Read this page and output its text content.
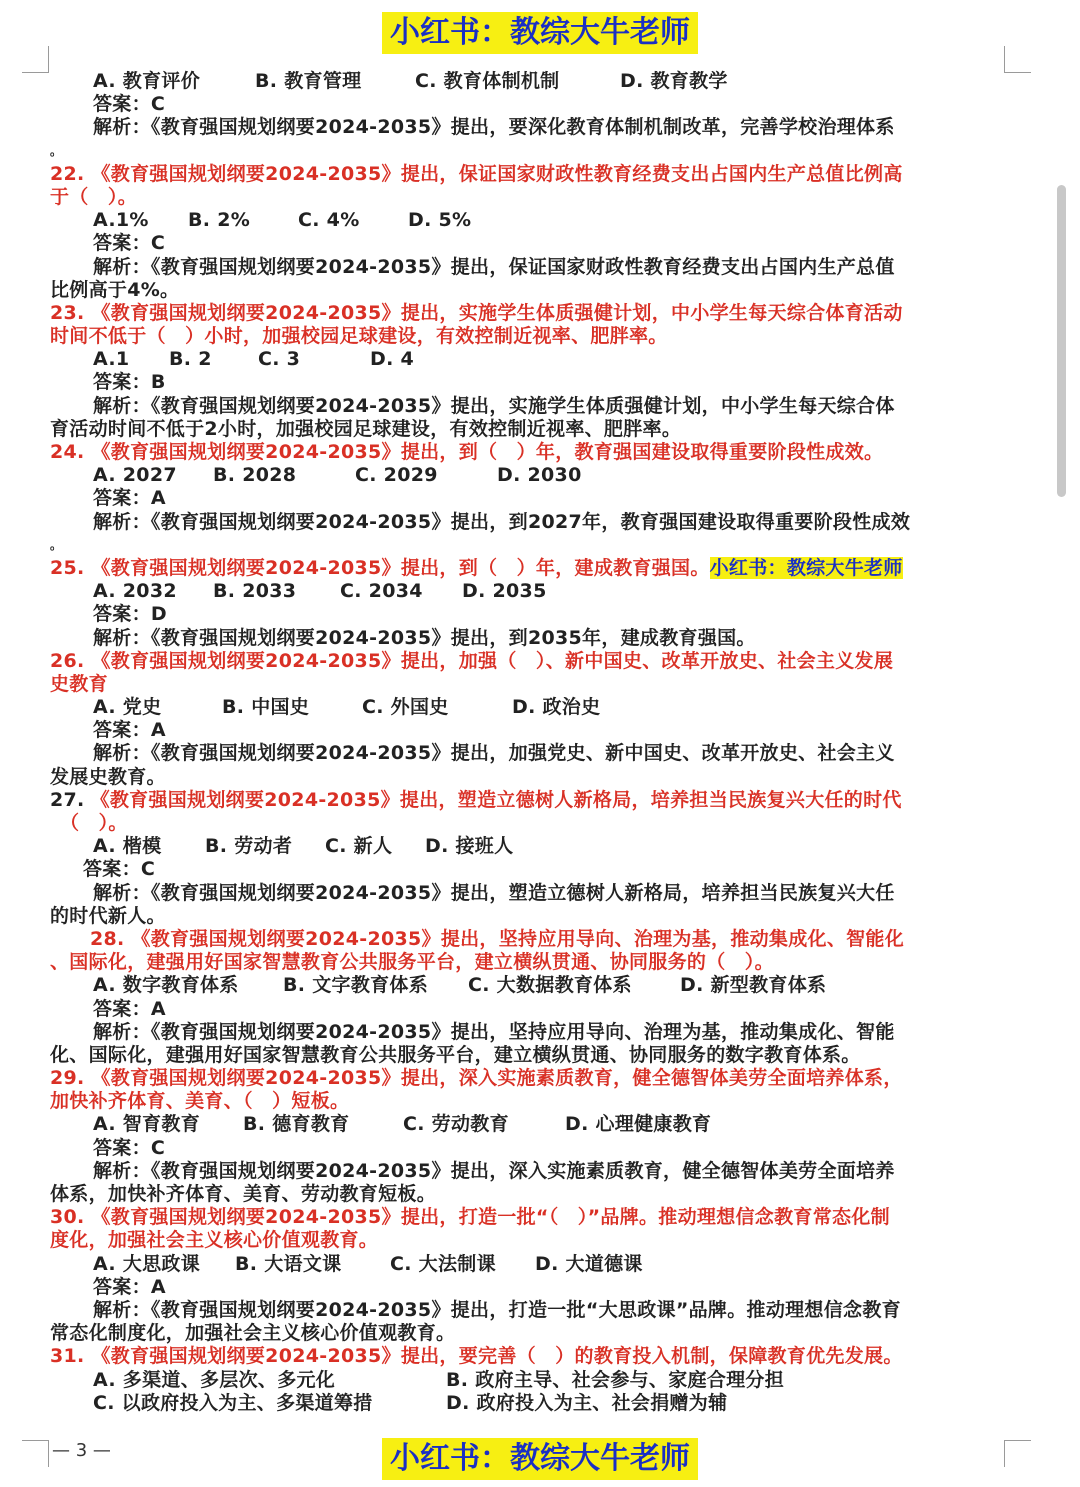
小红书：教综大牛老师
A. 教育评价	B. 教育管理	C. 教育体制机制	D. 教育教学
答案：C
解析：《教育强国规划纲要2024-2035》提出，要深化教育体制机制改革，完善学校治理体系
。
22. 《教育强国规划纲要2024-2035》提出，保证国家财政性教育经费支出占国内生产总值比例高
于（　）。
A.1% B. 2%	C. 4%	D. 5%
答案：C
解析：《教育强国规划纲要2024-2035》提出，保证国家财政性教育经费支出占国内生产总值
比例高于4%。
23. 《教育强国规划纲要2024-2035》提出，实施学生体质强健计划，中小学生每天综合体育活动
时间不低于（　）小时，加强校园足球建设，有效控制近视率、肥胖率。
A.1 B. 2 C. 3	D. 4
答案：B
解析：《教育强国规划纲要2024-2035》提出，实施学生体质强健计划，中小学生每天综合体
育活动时间不低于2小时，加强校园足球建设，有效控制近视率、肥胖率。
24. 《教育强国规划纲要2024-2035》提出，到（　）年，教育强国建设取得重要阶段性成效。
A. 2027 B. 2028	C. 2029	D. 2030
答案：A
解析：《教育强国规划纲要2024-2035》提出，到2027年，教育强国建设取得重要阶段性成效
。
25. 《教育强国规划纲要2024-2035》提出，到（　）年，建成教育强国。小红书：教综大牛老师
A. 2032 B. 2033 C. 2034 D. 2035
答案：D
解析：《教育强国规划纲要2024-2035》提出，到2035年，建成教育强国。
26. 《教育强国规划纲要2024-2035》提出，加强（　）、新中国史、改革开放史、社会主义发展
史教育
A. 党史	B. 中国史	C. 外国史	D. 政治史
答案：A
解析：《教育强国规划纲要2024-2035》提出，加强党史、新中国史、改革开放史、社会主义
发展史教育。
27. 《教育强国规划纲要2024-2035》提出，塑造立德树人新格局，培养担当民族复兴大任的时代
（　）。
A. 楷模 B. 劳动者 C. 新人 D. 接班人
答案：C
解析：《教育强国规划纲要2024-2035》提出，塑造立德树人新格局，培养担当民族复兴大任
的时代新人。
28. 《教育强国规划纲要2024-2035》提出，坚持应用导向、治理为基，推动集成化、智能化
、国际化，建强用好国家智慧教育公共服务平台，建立横纵贯通、协同服务的（　）。
A. 数字教育体系 B. 文字教育体系 C. 大数据教育体系	D. 新型教育体系
答案：A
解析：《教育强国规划纲要2024-2035》提出，坚持应用导向、治理为基，推动集成化、智能
化、国际化，建强用好国家智慧教育公共服务平台，建立横纵贯通、协同服务的数字教育体系。
29. 《教育强国规划纲要2024-2035》提出，深入实施素质教育，健全德智体美劳全面培养体系，
加快补齐体育、美育、（　）短板。
A. 智育教育 B. 德育教育	C. 劳动教育	D. 心理健康教育
答案：C
解析：《教育强国规划纲要2024-2035》提出，深入实施素质教育，健全德智体美劳全面培养
体系，加快补齐体育、美育、劳动教育短板。
30. 《教育强国规划纲要2024-2035》提出，打造一批“（　）”品牌。推动理想信念教育常态化制
度化，加强社会主义核心价值观教育。
A. 大思政课 B. 大语文课	C. 大法制课 D. 大道德课
答案：A
解析：《教育强国规划纲要2024-2035》提出，打造一批“大思政课”品牌。推动理想信念教育
常态化制度化，加强社会主义核心价值观教育。
31. 《教育强国规划纲要2024-2035》提出，要完善（　）的教育投入机制，保障教育优先发展。
A. 多渠道、多层次、多元化	B. 政府主导、社会参与、家庭合理分担
C. 以政府投入为主、多渠道筹措	D. 政府投入为主、社会捐赠为辅
— 3 —	小红书：教综大牛老师
